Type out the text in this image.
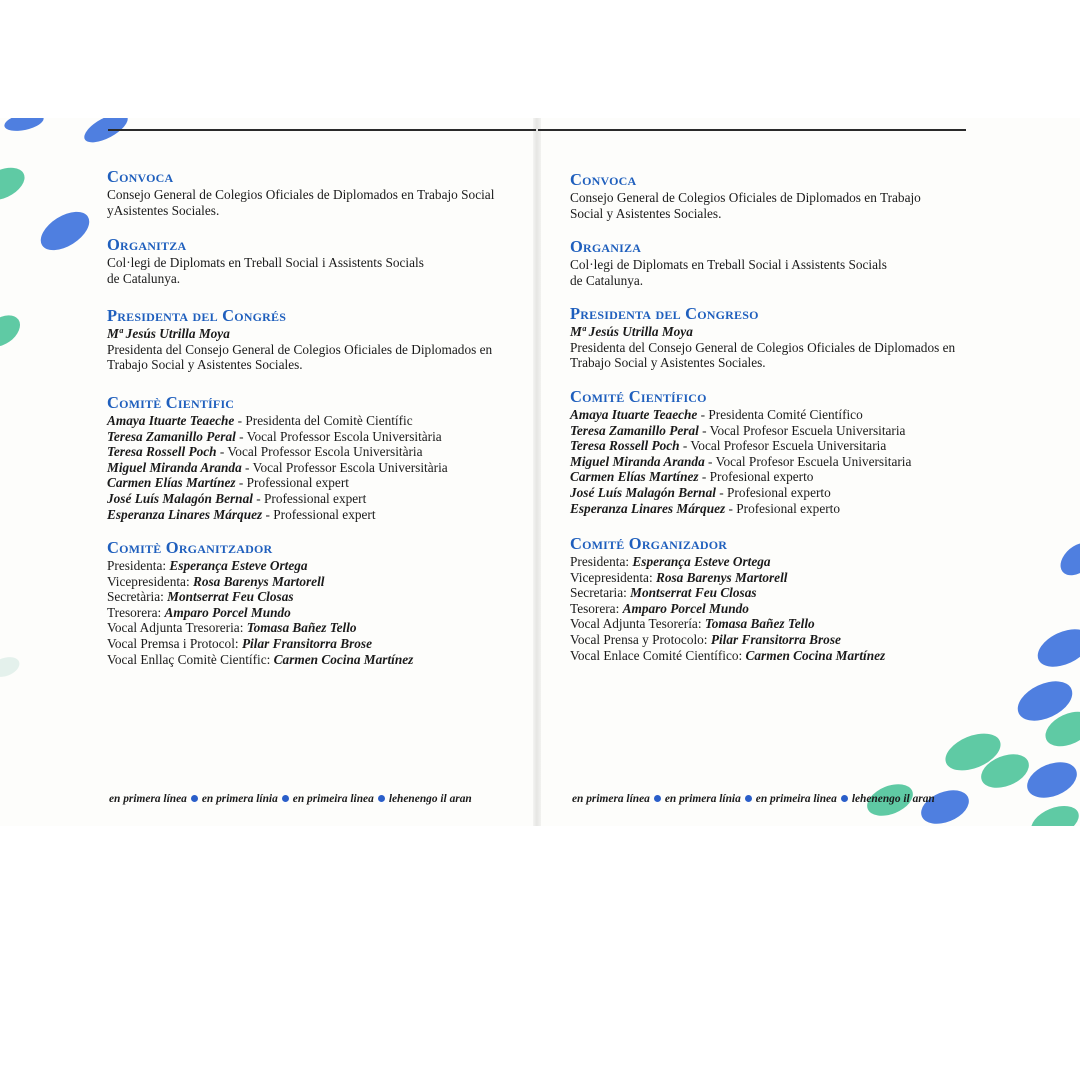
Convoca
Consejo General de Colegios Oficiales de Diplomados en Trabajo Social
yAsistentes Sociales.
Organitza
Col·legi de Diplomats en Treball Social i Assistents Socials
de Catalunya.
Presidenta del Congrés
Mª Jesús Utrilla Moya
Presidenta del Consejo General de Colegios Oficiales de Diplomados en
Trabajo Social y Asistentes Sociales.
Comitè Científic
Amaya Ituarte Teaeche - Presidenta del Comitè Científic
Teresa Zamanillo Peral - Vocal Professor Escola Universitària
Teresa Rossell Poch - Vocal Professor Escola Universitària
Miguel Miranda Aranda - Vocal Professor Escola Universitària
Carmen Elías Martínez - Professional expert
José Luís Malagón Bernal - Professional expert
Esperanza Linares Márquez - Professional expert
Comitè Organitzador
Presidenta: Esperança Esteve Ortega
Vicepresidenta: Rosa Barenys Martorell
Secretària: Montserrat Feu Closas
Tresorera: Amparo Porcel Mundo
Vocal Adjunta Tresoreria: Tomasa Bañez Tello
Vocal Premsa i Protocol: Pilar Fransitorra Brose
Vocal Enllaç Comitè Científic: Carmen Cocina Martínez
Convoca
Consejo General de Colegios Oficiales de Diplomados en Trabajo
Social y Asistentes Sociales.
Organiza
Col·legi de Diplomats en Treball Social i Assistents Socials
de Catalunya.
Presidenta del Congreso
Mª Jesús Utrilla Moya
Presidenta del Consejo General de Colegios Oficiales de Diplomados en
Trabajo Social y Asistentes Sociales.
Comité Científico
Amaya Ituarte Teaeche - Presidenta Comité Científico
Teresa Zamanillo Peral - Vocal Profesor Escuela Universitaria
Teresa Rossell Poch - Vocal Profesor Escuela Universitaria
Miguel Miranda Aranda - Vocal Profesor Escuela Universitaria
Carmen Elías Martínez - Profesional experto
José Luís Malagón Bernal - Profesional experto
Esperanza Linares Márquez - Profesional experto
Comité Organizador
Presidenta: Esperança Esteve Ortega
Vicepresidenta: Rosa Barenys Martorell
Secretaria: Montserrat Feu Closas
Tesorera: Amparo Porcel Mundo
Vocal Adjunta Tesorería: Tomasa Bañez Tello
Vocal Prensa y Protocolo: Pilar Fransitorra Brose
Vocal Enlace Comité Científico: Carmen Cocina Martínez
en primera línea en primera línia en primeira linea lehenengo il aran	en primera línea en primera línia en primeira linea lehenengo il aran
